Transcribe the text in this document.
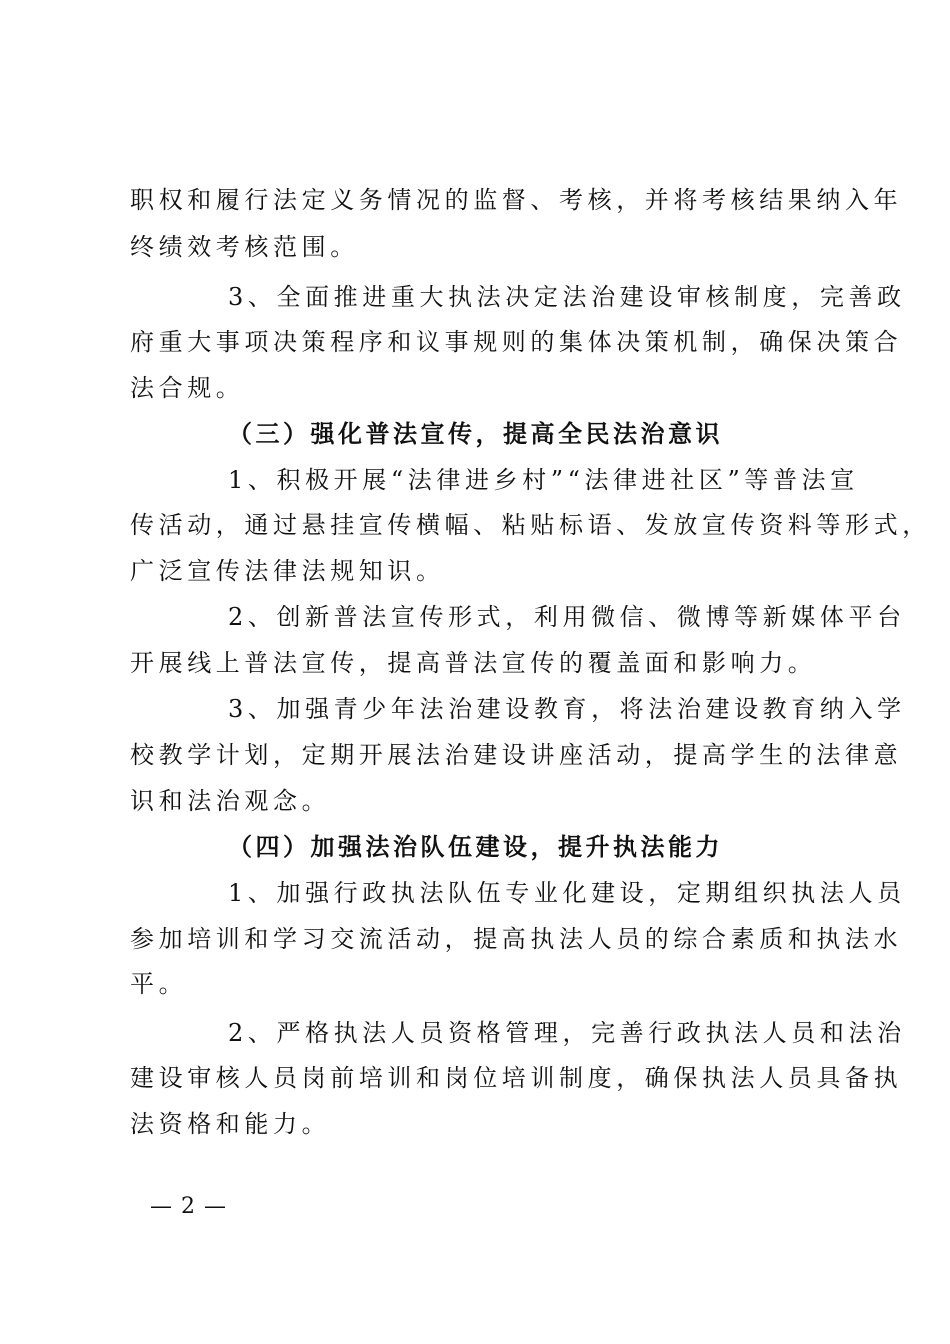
职权和履行法定义务情况的监督、考核，并将考核结果纳入年
终绩效考核范围。
3、全面推进重大执法决定法治建设审核制度，完善政
府重大事项决策程序和议事规则的集体决策机制，确保决策合
法合规。
（三）强化普法宣传，提高全民法治意识
1、积极开展“法律进乡村”“法律进社区”等普法宣
传活动，通过悬挂宣传横幅、粘贴标语、发放宣传资料等形式，
广泛宣传法律法规知识。
2、创新普法宣传形式，利用微信、微博等新媒体平台
开展线上普法宣传，提高普法宣传的覆盖面和影响力。
3、加强青少年法治建设教育，将法治建设教育纳入学
校教学计划，定期开展法治建设讲座活动，提高学生的法律意
识和法治观念。
（四）加强法治队伍建设，提升执法能力
1、加强行政执法队伍专业化建设，定期组织执法人员
参加培训和学习交流活动，提高执法人员的综合素质和执法水
平。
2、严格执法人员资格管理，完善行政执法人员和法治
建设审核人员岗前培训和岗位培训制度，确保执法人员具备执
法资格和能力。
— 2 —
